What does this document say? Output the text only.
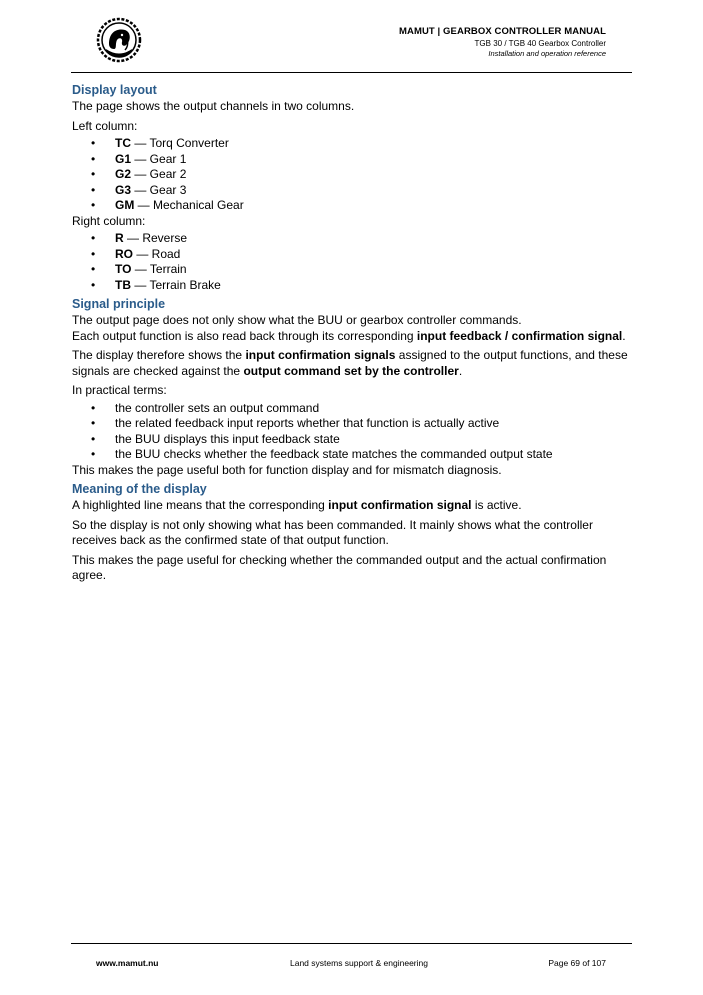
MAMUT | GEARBOX CONTROLLER MANUAL
TGB 30 / TGB 40 Gearbox Controller
Installation and operation reference
Display layout

The page shows the output channels in two columns.

Left column:

• TC — Torq Converter
• G1 — Gear 1
• G2 — Gear 2
• G3 — Gear 3
• GM — Mechanical Gear

Right column:

• R — Reverse
• RO — Road
• TO — Terrain
• TB — Terrain Brake
Signal principle

The output page does not only show what the BUU or gearbox controller commands.

Each output function is also read back through its corresponding input feedback / confirmation signal.

The display therefore shows the input confirmation signals assigned to the output functions, and these signals are checked against the output command set by the controller.

In practical terms:

• the controller sets an output command
• the related feedback input reports whether that function is actually active
• the BUU displays this input feedback state
• the BUU checks whether the feedback state matches the commanded output state

This makes the page useful both for function display and for mismatch diagnosis.

Meaning of the display

A highlighted line means that the corresponding input confirmation signal is active.

So the display is not only showing what has been commanded. It mainly shows what the controller receives back as the confirmed state of that output function.

This makes the page useful for checking whether the commanded output and the actual confirmation agree.

www.mamut.nu	Land systems support & engineering	Page 69 of 107
